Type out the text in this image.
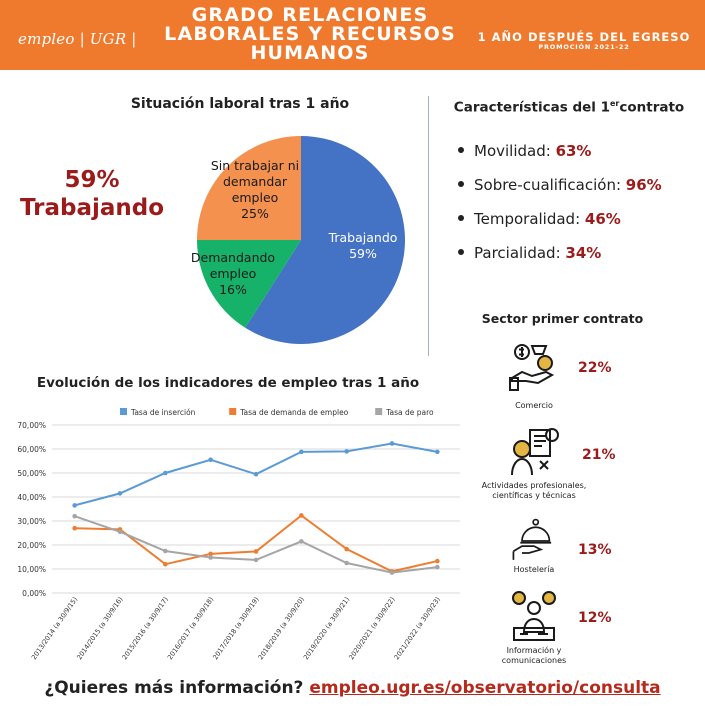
empleo | UGR |
GRADO RELACIONES
LABORALES Y RECURSOS
HUMANOS
1 AÑO DESPUÉS DEL EGRESO
PROMOCIÓN 2021-22
Situación laboral tras 1 año
59%
Trabajando
Trabajando
59%
Demandando empleo
16%
Sin trabajar ni demandar empleo
25%
Características del 1ercontrato
Movilidad: 63%
Sobre-cualificación: 96%
Temporalidad: 46%
Parcialidad: 34%
Sector primer contrato
Comercio
22%
Actividades profesionales, científicas y técnicas
21%
Hostelería
13%
Información y comunicaciones
12%
Evolución de los indicadores de empleo tras 1 año
0,00%
10,00%
20,00%
30,00%
40,00%
50,00%
60,00%
70,00%
Tasa de inserción	Tasa de demanda de empleo	Tasa de paro
2013/2014 (a 30/9/15)
2014/2015 (a 30/9/16)
2015/2016 (a 30/9/17)
2016/2017 (a 30/9/18)
2017/2018 (a 30/9/19)
2018/2019 (a 30/9/20)
2019/2020 (a 30/9/21)
2020/2021 (a 30/9/22)
2021/2022 (a 30/9/23)
¿Quieres más información? empleo.ugr.es/observatorio/consulta
